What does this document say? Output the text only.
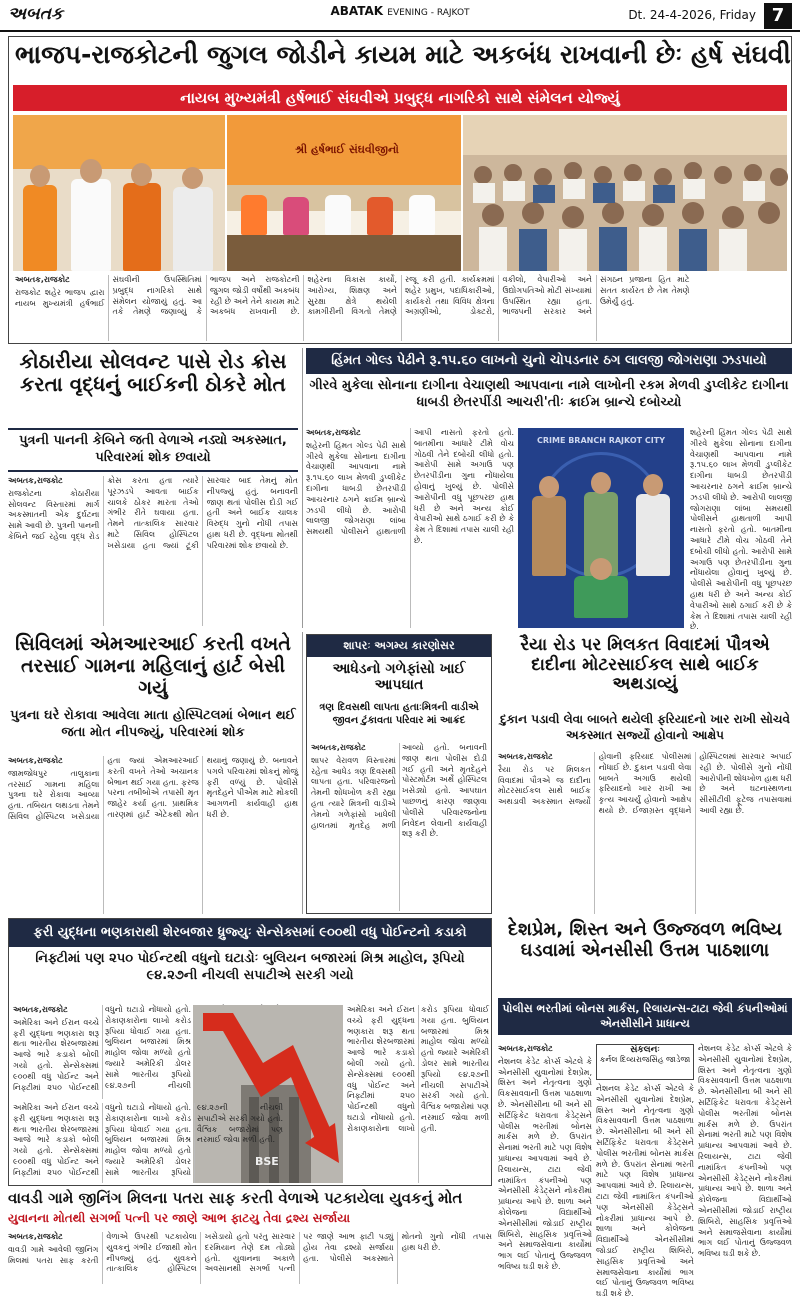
અબતક	ABATAK EVENING - RAJKOT	Dt. 24-4-2026, Friday 7
ભાજપ-રાજકોટની જુગલ જોડીને કાયમ માટે અકબંધ રાખવાની છેઃ હર્ષ સંઘવી
નાયબ મુખ્યમંત્રી હર્ષભાઈ સંઘવીએ પ્રબુદ્ધ નાગરિકો સાથે સંમેલન યોજ્યું
શ્રી હર્ષભાઈ સંઘવીજીનો
અબતક,રાજકોટ
રાજકોટ શહેર ભાજપ દ્વારા નાયબ મુખ્યમંત્રી હર્ષભાઈ સંઘવીની ઉપસ્થિતિમાં પ્રબુદ્ધ નાગરિકો સાથે સંમેલન યોજાયું હતું. આ તકે તેમણે જણાવ્યું કે ભાજપ અને રાજકોટની જુગલ જોડી વર્ષોથી અકબંધ રહી છે અને તેને કાયમ માટે અકબંધ રાખવાની છે. શહેરના વિકાસ કાર્યો, આરોગ્ય, શિક્ષણ અને સુરક્ષા ક્ષેત્રે થયેલી કામગીરીની વિગતો તેમણે રજૂ કરી હતી. કાર્યક્રમમાં શહેર પ્રમુખ, પદાધિકારીઓ, કાર્યકરો તથા વિવિધ ક્ષેત્રના અગ્રણીઓ, ડોક્ટરો, વકીલો, વેપારીઓ અને ઉદ્યોગપતિઓ મોટી સંખ્યામાં ઉપસ્થિત રહ્યા હતા. ભાજપની સરકાર અને સંગઠન પ્રજાના હિત માટે સતત કાર્યરત છે તેમ તેમણે ઉમેર્યું હતું.
કોઠારીયા સોલવન્ટ પાસે રોડ ક્રોસ કરતા વૃદ્ધનું બાઈકની ઠોકરે મોત
પુત્રની પાનની કેબિને જતી વેળાએ નડ્યો અકસ્માત, પરિવારમાં શોક છવાયો
અબતક,રાજકોટ
રાજકોટના કોઠારીયા સોલવન્ટ વિસ્તારમાં માર્ગ અકસ્માતની એક દુર્ઘટના સામે આવી છે. પુત્રની પાનની કેબિને જઈ રહેલા વૃદ્ધ રોડ ક્રોસ કરતા હતા ત્યારે પૂરઝડપે આવતા બાઈક ચાલકે ઠોકર મારતા તેઓ ગંભીર રીતે ઘવાયા હતા. તેમને તાત્કાલિક સારવાર માટે સિવિલ હોસ્પિટલ ખસેડાયા હતા જ્યાં ટૂંકી સારવાર બાદ તેમનું મોત નીપજ્યું હતું. બનાવની જાણ થતાં પોલીસ દોડી ગઈ હતી અને બાઈક ચાલક વિરુદ્ધ ગુનો નોંધી તપાસ હાથ ધરી છે. વૃદ્ધના મોતથી પરિવારમાં શોક છવાયો છે.
હિંમત ગોલ્ડ પેઢીને રૂ.૧૫.૬૦ લાખનો ચુનો ચોપડનાર ઠગ લાલજી જોગરાણા ઝડપાયો
ગીરવે મુકેલા સોનાના દાગીના વેચાણથી આપવાના નામે લાખોની રકમ મેળવી ડુપ્લીકેટ દાગીના ધાબડી છેતરપીંડી આચરી'તીઃ ક્રાઈમ બ્રાન્ચે દબોચ્યો
અબતક,રાજકોટ
શહેરની હિંમત ગોલ્ડ પેઢી સાથે ગીરવે મુકેલા સોનાના દાગીના વેચાણથી આપવાના નામે રૂ.૧૫.૬૦ લાખ મેળવી ડુપ્લીકેટ દાગીના ધાબડી છેતરપીંડી આચરનાર ઠગને ક્રાઈમ બ્રાન્ચે ઝડપી લીધો છે. આરોપી લાલજી જોગરાણા લાંબા સમયથી પોલીસને હાથતાળી આપી નાસતો ફરતો હતો. બાતમીના આધારે ટીમે વોચ ગોઠવી તેને દબોચી લીધો હતો. આરોપી સામે અગાઉ પણ છેતરપીંડીના ગુના નોંધાયેલા હોવાનું ખુલ્યું છે. પોલીસે આરોપીની વધુ પૂછપરછ હાથ ધરી છે અને અન્ય કોઈ વેપારીઓ સાથે ઠગાઈ કરી છે કે કેમ તે દિશામાં તપાસ ચાલી રહી છે.
CRIME BRANCH RAJKOT CITY
શહેરની હિંમત ગોલ્ડ પેઢી સાથે ગીરવે મુકેલા સોનાના દાગીના વેચાણથી આપવાના નામે રૂ.૧૫.૬૦ લાખ મેળવી ડુપ્લીકેટ દાગીના ધાબડી છેતરપીંડી આચરનાર ઠગને ક્રાઈમ બ્રાન્ચે ઝડપી લીધો છે. આરોપી લાલજી જોગરાણા લાંબા સમયથી પોલીસને હાથતાળી આપી નાસતો ફરતો હતો. બાતમીના આધારે ટીમે વોચ ગોઠવી તેને દબોચી લીધો હતો. આરોપી સામે અગાઉ પણ છેતરપીંડીના ગુના નોંધાયેલા હોવાનું ખુલ્યું છે. પોલીસે આરોપીની વધુ પૂછપરછ હાથ ધરી છે અને અન્ય કોઈ વેપારીઓ સાથે ઠગાઈ કરી છે કે કેમ તે દિશામાં તપાસ ચાલી રહી છે.
સિવિલમાં એમઆરઆઈ કરતી વખતે તરસાઈ ગામના મહિલાનું હાર્ટ બેસી ગયું
પુત્રના ઘરે રોકાવા આવેલા માતા હોસ્પિટલમાં બેભાન થઈ જતા મોત નીપજ્યું, પરિવારમાં શોક
અબતક,રાજકોટ
જામજોધપુર તાલુકાના તરસાઈ ગામના મહિલા પુત્રના ઘરે રોકાવા આવ્યા હતા. તબિયત લથડતા તેમને સિવિલ હોસ્પિટલ ખસેડાયા હતા જ્યાં એમઆરઆઈ કરતી વખતે તેઓ અચાનક બેભાન થઈ ગયા હતા. ફરજ પરના તબીબોએ તપાસી મૃત જાહેર કર્યા હતા. પ્રાથમિક તારણમાં હાર્ટ એટેકથી મોત થયાનું જણાયું છે. બનાવને પગલે પરિવારમાં શોકનું મોજું ફરી વળ્યું છે. પોલીસે મૃતદેહને પીએમ માટે મોકલી આગળની કાર્યવાહી હાથ ધરી છે.
શાપરઃ અગમ્ય કારણોસર
આધેડનો ગળેફાંસો ખાઈ આપઘાત
ત્રણ દિવસથી લાપતા હતાઃમિત્રની વાડીએ જીવન ટુંકાવતા પરિવાર માં આક્રંદ
અબતક,રાજકોટ
શાપર વેરાવળ વિસ્તારમાં રહેતા આધેડ ત્રણ દિવસથી લાપતા હતા. પરિવારજનો તેમની શોધખોળ કરી રહ્યા હતા ત્યારે મિત્રની વાડીએ તેમનો ગળેફાંસો ખાધેલી હાલતમાં મૃતદેહ મળી આવ્યો હતો. બનાવની જાણ થતા પોલીસ દોડી ગઈ હતી અને મૃતદેહને પોસ્ટમોર્ટમ અર્થે હોસ્પિટલ ખસેડ્યો હતો. આપઘાત પાછળનું કારણ જાણવા પોલીસે પરિવારજનોના નિવેદન લેવાની કાર્યવાહી શરૂ કરી છે.
રૈયા રોડ પર મિલકત વિવાદમાં પૌત્રએ દાદીના મોટરસાઈકલ સાથે બાઈક અથડાવ્યું
દુકાન પડાવી લેવા બાબતે થયેલી ફરિયાદનો ખાર રાખી સોચવે અકસ્માત સર્જ્યો હોવાનો આક્ષેપ
અબતક,રાજકોટ
રૈયા રોડ પર મિલકત વિવાદમાં પૌત્રએ જ દાદીના મોટરસાઈકલ સાથે બાઈક અથડાવી અકસ્માત સર્જ્યો હોવાની ફરિયાદ પોલીસમાં નોંધાઈ છે. દુકાન પડાવી લેવા બાબતે અગાઉ થયેલી ફરિયાદનો ખાર રાખી આ કૃત્ય આચર્યું હોવાનો આક્ષેપ થયો છે. ઈજાગ્રસ્ત વૃદ્ધાને હોસ્પિટલમાં સારવાર અપાઈ રહી છે. પોલીસે ગુનો નોંધી આરોપીની શોધખોળ હાથ ધરી છે અને ઘટનાસ્થળના સીસીટીવી ફૂટેજ તપાસવામાં આવી રહ્યા છે.
ફરી યુદ્ધના ભણકારાથી શેરબજાર ધ્રુજ્યુઃ સેન્સેક્સમાં ૯૦૦થી વધુ પોઈન્ટનો કડાકો
નિફ્ટીમાં પણ ૨૫૦ પોઈન્ટથી વધુનો ઘટાડોઃ બુલિયન બજારમાં મિશ્ર માહોલ, રૂપિયો ૯૪.૨૭ની નીચલી સપાટીએ સરકી ગયો
અબતક,રાજકોટ
અમેરિકા અને ઈરાન વચ્ચે ફરી યુદ્ધના ભણકારા શરૂ થતા ભારતીય શેરબજારમાં આજે ભારે કડાકો બોલી ગયો હતો. સેન્સેક્સમાં ૯૦૦થી વધુ પોઈન્ટ અને નિફ્ટીમાં ૨૫૦ પોઈન્ટથી વધુનો ઘટાડો નોંધાયો હતો. રોકાણકારોના લાખો કરોડ રૂપિયા ધોવાઈ ગયા હતા. બુલિયન બજારમાં મિશ્ર માહોલ જોવા મળ્યો હતો જ્યારે અમેરિકી ડોલર સામે ભારતીય રૂપિયો ૯૪.૨૭ની નીચલી
BSE
અમેરિકા અને ઈરાન વચ્ચે ફરી યુદ્ધના ભણકારા શરૂ થતા ભારતીય શેરબજારમાં આજે ભારે કડાકો બોલી ગયો હતો. સેન્સેક્સમાં ૯૦૦થી વધુ પોઈન્ટ અને નિફ્ટીમાં ૨૫૦ પોઈન્ટથી વધુનો ઘટાડો નોંધાયો હતો. રોકાણકારોના લાખો કરોડ રૂપિયા ધોવાઈ ગયા હતા. બુલિયન બજારમાં મિશ્ર માહોલ જોવા મળ્યો હતો જ્યારે અમેરિકી ડોલર સામે ભારતીય રૂપિયો ૯૪.૨૭ની નીચલી સપાટીએ સરકી ગયો હતો. વૈશ્વિક બજારોમાં પણ નરમાઈ જોવા મળી હતી.
અમેરિકા અને ઈરાન વચ્ચે ફરી યુદ્ધના ભણકારા શરૂ થતા ભારતીય શેરબજારમાં આજે ભારે કડાકો બોલી ગયો હતો. સેન્સેક્સમાં ૯૦૦થી વધુ પોઈન્ટ અને નિફ્ટીમાં ૨૫૦ પોઈન્ટથી વધુનો ઘટાડો નોંધાયો હતો. રોકાણકારોના લાખો કરોડ રૂપિયા ધોવાઈ ગયા હતા. બુલિયન બજારમાં મિશ્ર માહોલ જોવા મળ્યો હતો જ્યારે અમેરિકી ડોલર સામે ભારતીય રૂપિયો ૯૪.૨૭ની નીચલી સપાટીએ સરકી ગયો હતો. વૈશ્વિક બજારોમાં પણ નરમાઈ જોવા મળી હતી.
દેશપ્રેમ, શિસ્ત અને ઉજ્જવળ ભવિષ્ય ઘડવામાં એનસીસી ઉત્તમ પાઠશાળા
પોલીસ ભરતીમાં બોનસ માર્કસ, રિલાયન્સ-ટાટા જેવી કંપનીઓમાં એનસીસીને પ્રાધાન્ય
અબતક,રાજકોટ
નેશનલ કેડેટ કોર્પ્સ એટલે કે એનસીસી યુવાનોમાં દેશપ્રેમ, શિસ્ત અને નેતૃત્વના ગુણો વિકસાવવાની ઉત્તમ પાઠશાળા છે. એનસીસીના બી અને સી સર્ટિફિકેટ ધરાવતા કેડેટ્સને પોલીસ ભરતીમાં બોનસ માર્કસ મળે છે. ઉપરાંત સેનામાં ભરતી માટે પણ વિશેષ પ્રાધાન્ય આપવામાં આવે છે. રિલાયન્સ, ટાટા જેવી નામાંકિત કંપનીઓ પણ એનસીસી કેડેટ્સને નોકરીમાં પ્રાધાન્ય આપે છે. શાળા અને કોલેજના વિદ્યાર્થીઓ એનસીસીમાં જોડાઈ રાષ્ટ્રીય શિબિરો, સાહસિક પ્રવૃત્તિઓ અને સમાજસેવાના કાર્યોમાં ભાગ લઈ પોતાનું ઉજ્જવળ ભવિષ્ય ઘડી શકે છે.
સંકલનઃ
કર્નલ દિવ્યરાજસિંહ જાડેજા
નેશનલ કેડેટ કોર્પ્સ એટલે કે એનસીસી યુવાનોમાં દેશપ્રેમ, શિસ્ત અને નેતૃત્વના ગુણો વિકસાવવાની ઉત્તમ પાઠશાળા છે. એનસીસીના બી અને સી સર્ટિફિકેટ ધરાવતા કેડેટ્સને પોલીસ ભરતીમાં બોનસ માર્કસ મળે છે. ઉપરાંત સેનામાં ભરતી માટે પણ વિશેષ પ્રાધાન્ય આપવામાં આવે છે. રિલાયન્સ, ટાટા જેવી નામાંકિત કંપનીઓ પણ એનસીસી કેડેટ્સને નોકરીમાં પ્રાધાન્ય આપે છે. શાળા અને કોલેજના વિદ્યાર્થીઓ એનસીસીમાં જોડાઈ રાષ્ટ્રીય શિબિરો, સાહસિક પ્રવૃત્તિઓ અને સમાજસેવાના કાર્યોમાં ભાગ લઈ પોતાનું ઉજ્જવળ ભવિષ્ય ઘડી શકે છે.
નેશનલ કેડેટ કોર્પ્સ એટલે કે એનસીસી યુવાનોમાં દેશપ્રેમ, શિસ્ત અને નેતૃત્વના ગુણો વિકસાવવાની ઉત્તમ પાઠશાળા છે. એનસીસીના બી અને સી સર્ટિફિકેટ ધરાવતા કેડેટ્સને પોલીસ ભરતીમાં બોનસ માર્કસ મળે છે. ઉપરાંત સેનામાં ભરતી માટે પણ વિશેષ પ્રાધાન્ય આપવામાં આવે છે. રિલાયન્સ, ટાટા જેવી નામાંકિત કંપનીઓ પણ એનસીસી કેડેટ્સને નોકરીમાં પ્રાધાન્ય આપે છે. શાળા અને કોલેજના વિદ્યાર્થીઓ એનસીસીમાં જોડાઈ રાષ્ટ્રીય શિબિરો, સાહસિક પ્રવૃત્તિઓ અને સમાજસેવાના કાર્યોમાં ભાગ લઈ પોતાનું ઉજ્જવળ ભવિષ્ય ઘડી શકે છે.
વાવડી ગામે જીનિંગ મિલના પતરા સાફ કરતી વેળાએ પટકાયેલા યુવકનું મોત
યુવાનના મોતથી સગર્ભા પત્ની પર જાણે આભ ફાટયુ તેવા દ્રશ્ય સર્જાયા
અબતક,રાજકોટ
વાવડી ગામે આવેલી જીનિંગ મિલમાં પતરા સાફ કરતી વેળાએ ઉપરથી પટકાયેલા યુવકનું ગંભીર ઈજાથી મોત નીપજ્યું હતું. યુવકને તાત્કાલિક હોસ્પિટલ ખસેડાયો હતો પરંતુ સારવાર દરમિયાન તેણે દમ તોડ્યો હતો. યુવાનના અકાળે અવસાનથી સગર્ભા પત્ની પર જાણે આભ ફાટી પડ્યું હોય તેવા દ્રશ્યો સર્જાયા હતા. પોલીસે અકસ્માતે મોતનો ગુનો નોંધી તપાસ હાથ ધરી છે.
